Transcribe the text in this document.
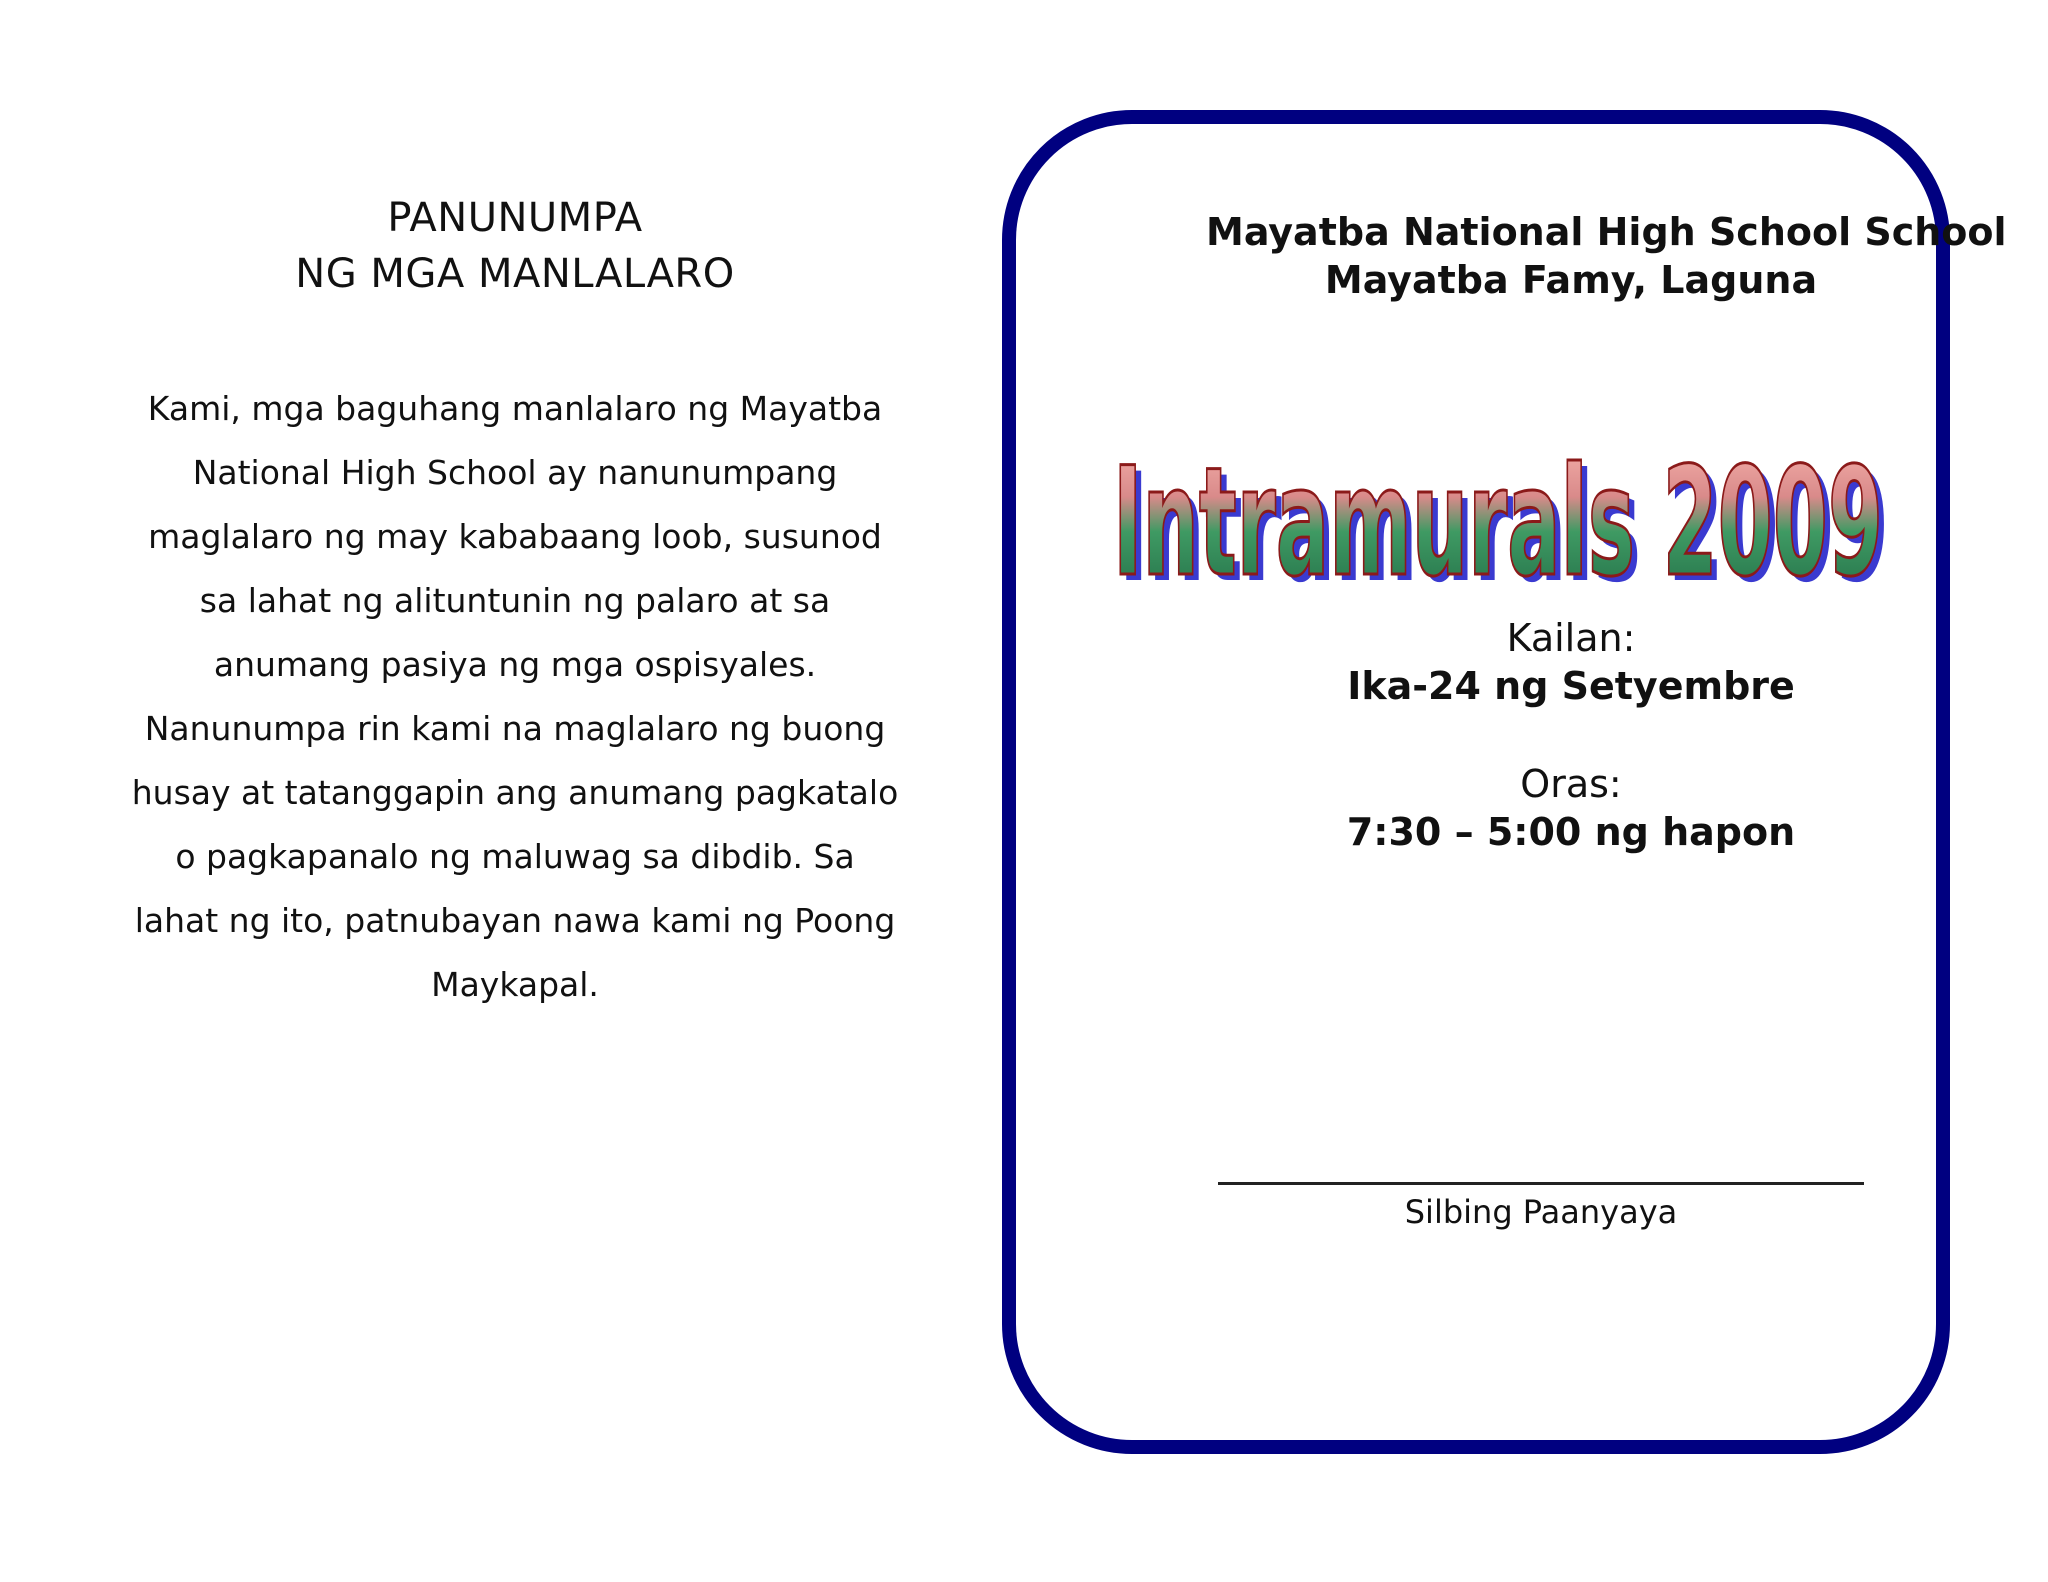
PANUNUMPA
NG MGA MANLALARO
Kami, mga baguhang manlalaro ng Mayatba National High School ay nanunumpang maglalaro ng may kababaang loob, susunod sa lahat ng alituntunin ng palaro at sa anumang pasiya ng mga ospisyales. Nanunumpa rin kami na maglalaro ng buong husay at tatanggapin ang anumang pagkatalo o pagkapanalo ng maluwag sa dibdib. Sa lahat ng ito, patnubayan nawa kami ng Poong Maykapal.
Mayatba National High School School
Mayatba Famy, Laguna
Intramurals 2009
Intramurals 2009
Kailan:
Ika-24 ng Setyembre
Oras:
7:30 – 5:00 ng hapon
Silbing Paanyaya
